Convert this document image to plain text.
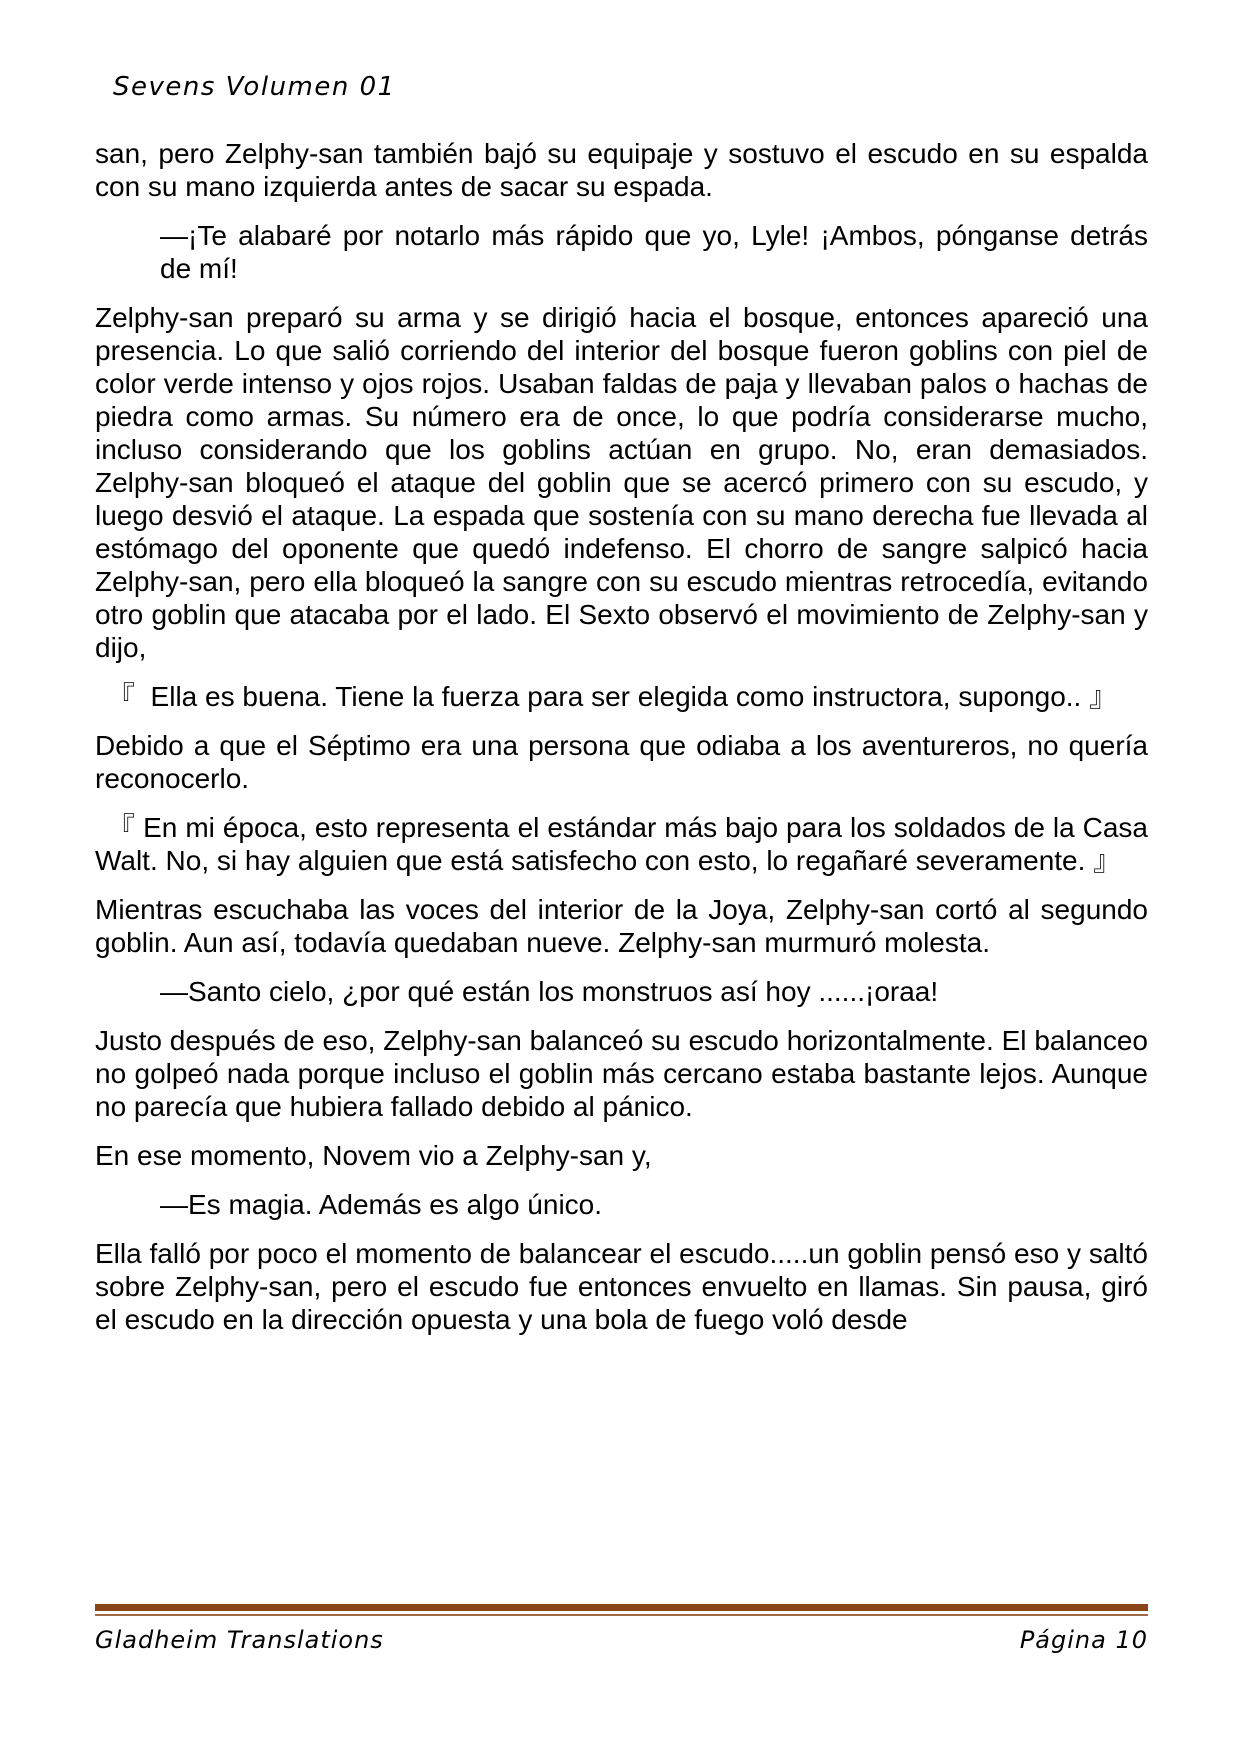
Sevens Volumen 01

san, pero Zelphy-san también bajó su equipaje y sostuvo el escudo en su espalda con su mano izquierda antes de sacar su espada.

—¡Te alabaré por notarlo más rápido que yo, Lyle! ¡Ambos, pónganse detrás de mí!

Zelphy-san preparó su arma y se dirigió hacia el bosque, entonces apareció una presencia. Lo que salió corriendo del interior del bosque fueron goblins con piel de color verde intenso y ojos rojos. Usaban faldas de paja y llevaban palos o hachas de piedra como armas. Su número era de once, lo que podría considerarse mucho, incluso considerando que los goblins actúan en grupo. No, eran demasiados. Zelphy-san bloqueó el ataque del goblin que se acercó primero con su escudo, y luego desvió el ataque. La espada que sostenía con su mano derecha fue llevada al estómago del oponente que quedó indefenso. El chorro de sangre salpicó hacia Zelphy-san, pero ella bloqueó la sangre con su escudo mientras retrocedía, evitando otro goblin que atacaba por el lado. El Sexto observó el movimiento de Zelphy-san y dijo,

『  Ella es buena. Tiene la fuerza para ser elegida como instructora, supongo.. 』

Debido a que el Séptimo era una persona que odiaba a los aventureros, no quería reconocerlo.

『 En mi época, esto representa el estándar más bajo para los soldados de la Casa Walt. No, si hay alguien que está satisfecho con esto, lo regañaré severamente. 』

Mientras escuchaba las voces del interior de la Joya, Zelphy-san cortó al segundo goblin. Aun así, todavía quedaban nueve. Zelphy-san murmuró molesta.

—Santo cielo, ¿por qué están los monstruos así hoy ......¡oraa!

Justo después de eso, Zelphy-san balanceó su escudo horizontalmente. El balanceo no golpeó nada porque incluso el goblin más cercano estaba bastante lejos. Aunque no parecía que hubiera fallado debido al pánico.

En ese momento, Novem vio a Zelphy-san y,

—Es magia. Además es algo único.

Ella falló por poco el momento de balancear el escudo.....un goblin pensó eso y saltó sobre Zelphy-san, pero el escudo fue entonces envuelto en llamas. Sin pausa, giró el escudo en la dirección opuesta y una bola de fuego voló desde

Gladheim Translations	Página 10
